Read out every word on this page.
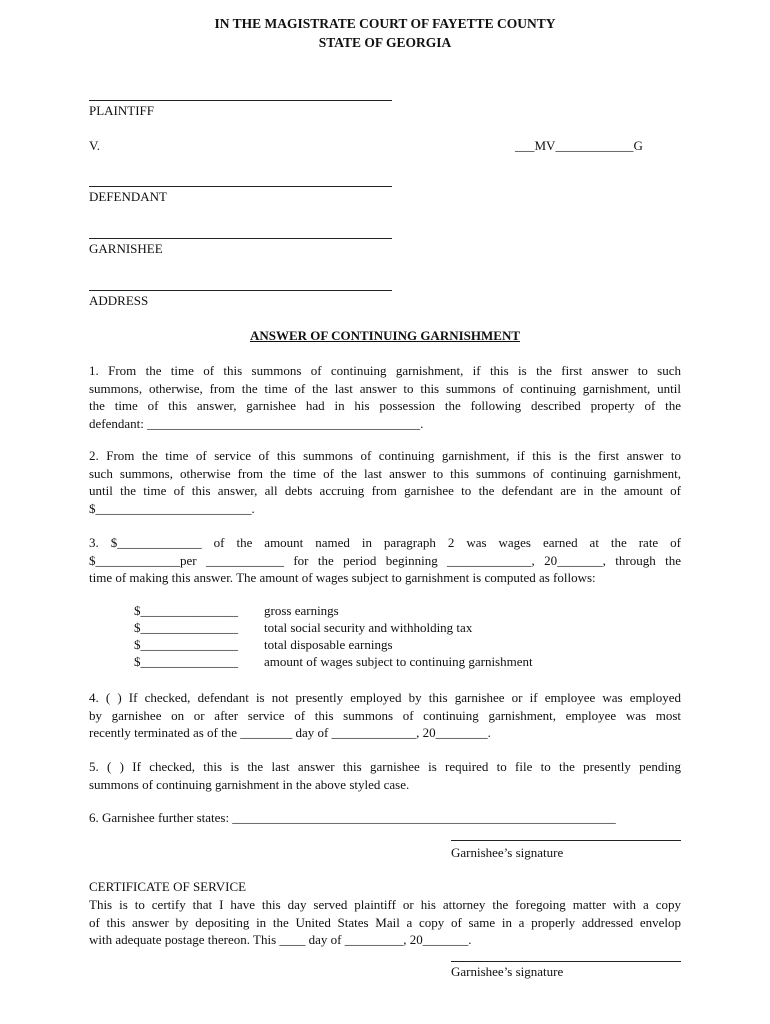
IN THE MAGISTRATE COURT OF FAYETTE COUNTY
STATE OF GEORGIA
PLAINTIFF
V.	___MV____________G
DEFENDANT
GARNISHEE
ADDRESS
ANSWER OF CONTINUING GARNISHMENT
1. From the time of this summons of continuing garnishment, if this is the first answer to such
summons, otherwise, from the time of the last answer to this summons of continuing garnishment, until
the time of this answer, garnishee had in his possession the following described property of the
defendant: __________________________________________.
2. From the time of service of this summons of continuing garnishment, if this is the first answer to
such summons, otherwise from the time of the last answer to this summons of continuing garnishment,
until the time of this answer, all debts accruing from garnishee to the defendant are in the amount of
$________________________.
3. $_____________ of the amount named in paragraph 2 was wages earned at the rate of
$_____________per ____________ for the period beginning _____________, 20_______, through the
time of making this answer. The amount of wages subject to garnishment is computed as follows:
$_______________ gross earnings
$_______________ total social security and withholding tax
$_______________ total disposable earnings
$_______________ amount of wages subject to continuing garnishment
4. ( ) If checked, defendant is not presently employed by this garnishee or if employee was employed
by garnishee on or after service of this summons of continuing garnishment, employee was most
recently terminated as of the ________ day of _____________, 20________.
5. ( ) If checked, this is the last answer this garnishee is required to file to the presently pending
summons of continuing garnishment in the above styled case.
6. Garnishee further states: ___________________________________________________________
Garnishee’s signature
CERTIFICATE OF SERVICE
This is to certify that I have this day served plaintiff or his attorney the foregoing matter with a copy
of this answer by depositing in the United States Mail a copy of same in a properly addressed envelop
with adequate postage thereon. This ____ day of _________, 20_______.
Garnishee’s signature
